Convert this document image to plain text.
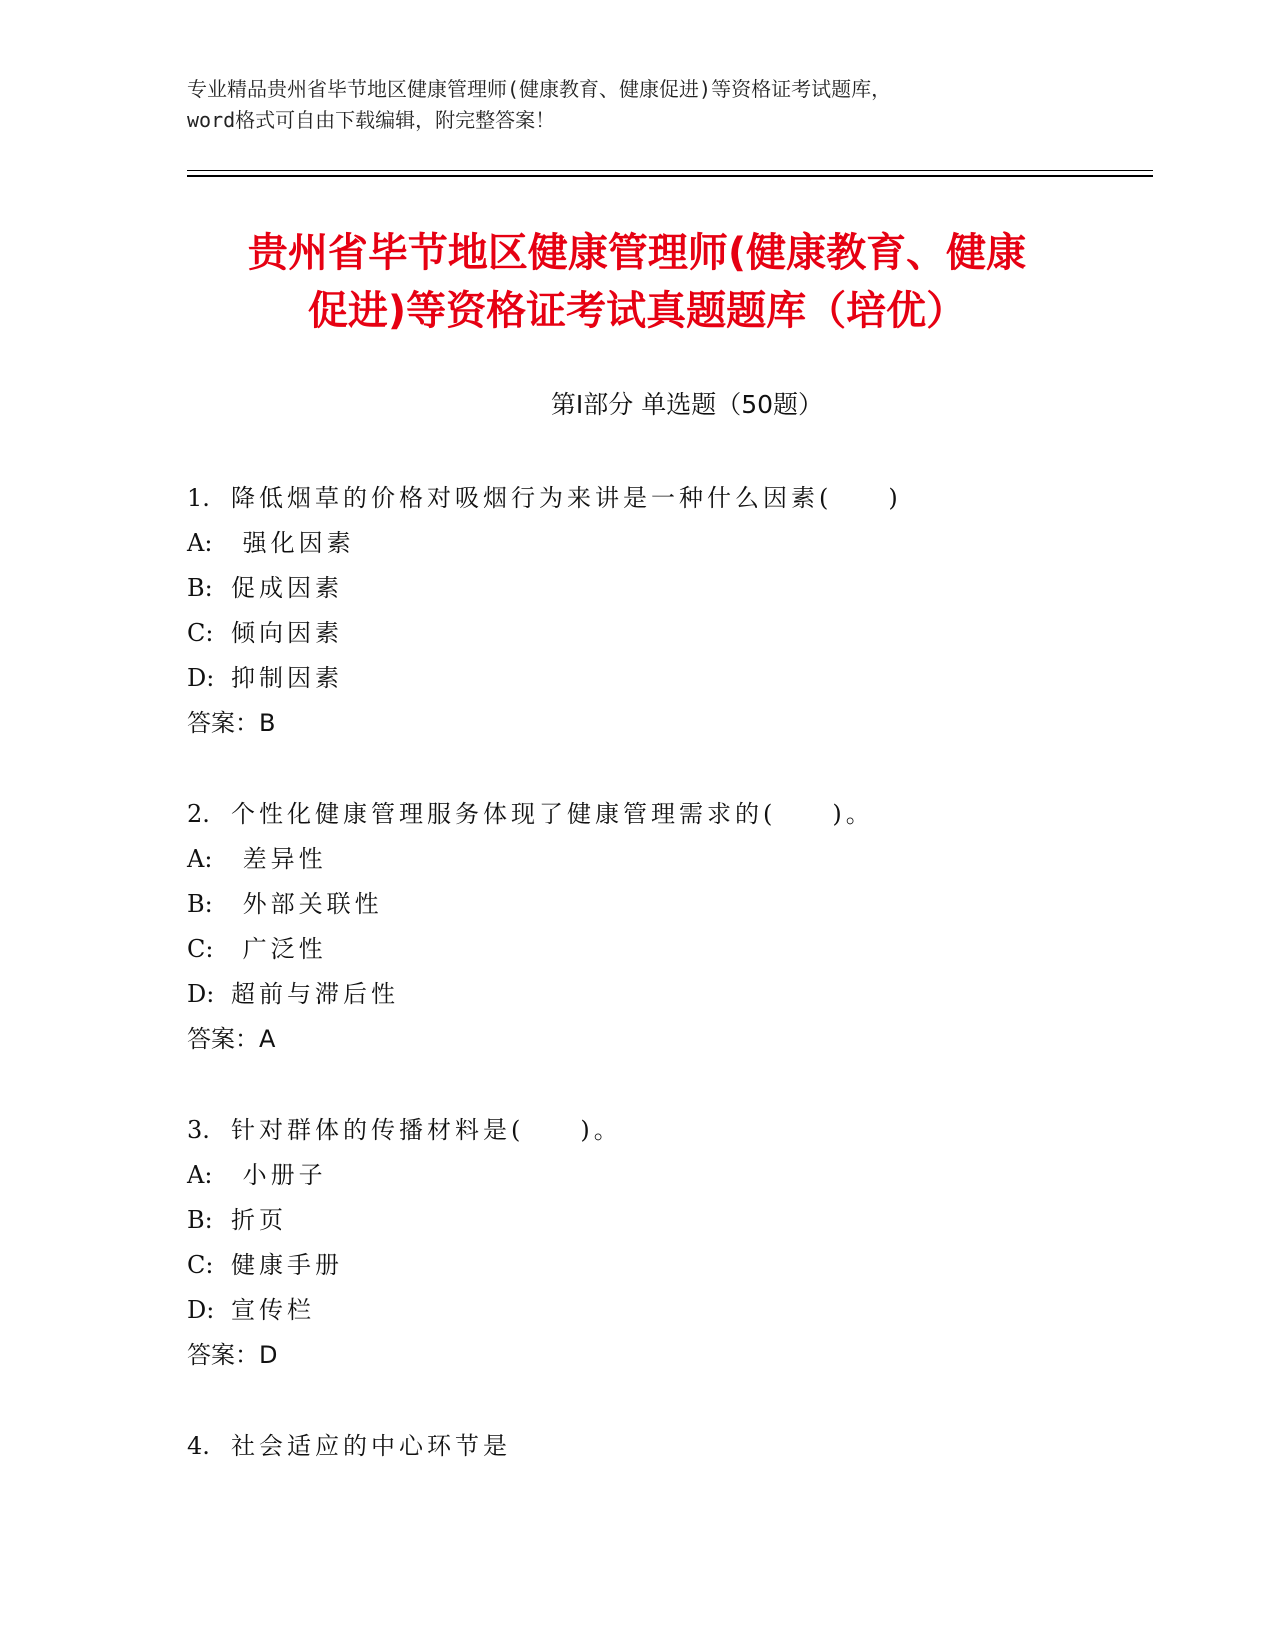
专业精品贵州省毕节地区健康管理师(健康教育、健康促进)等资格证考试题库，
word格式可自由下载编辑，附完整答案！
贵州省毕节地区健康管理师(健康教育、健康
促进)等资格证考试真题题库（培优）
第Ⅰ部分 单选题（50题）
1. 降低烟草的价格对吸烟行为来讲是一种什么因素(　　)
A: 强化因素
B: 促成因素
C: 倾向因素
D: 抑制因素
答案：B
2. 个性化健康管理服务体现了健康管理需求的(　　)。
A: 差异性
B: 外部关联性
C: 广泛性
D: 超前与滞后性
答案：A
3. 针对群体的传播材料是(　　)。
A: 小册子
B: 折页
C: 健康手册
D: 宣传栏
答案：D
4. 社会适应的中心环节是
